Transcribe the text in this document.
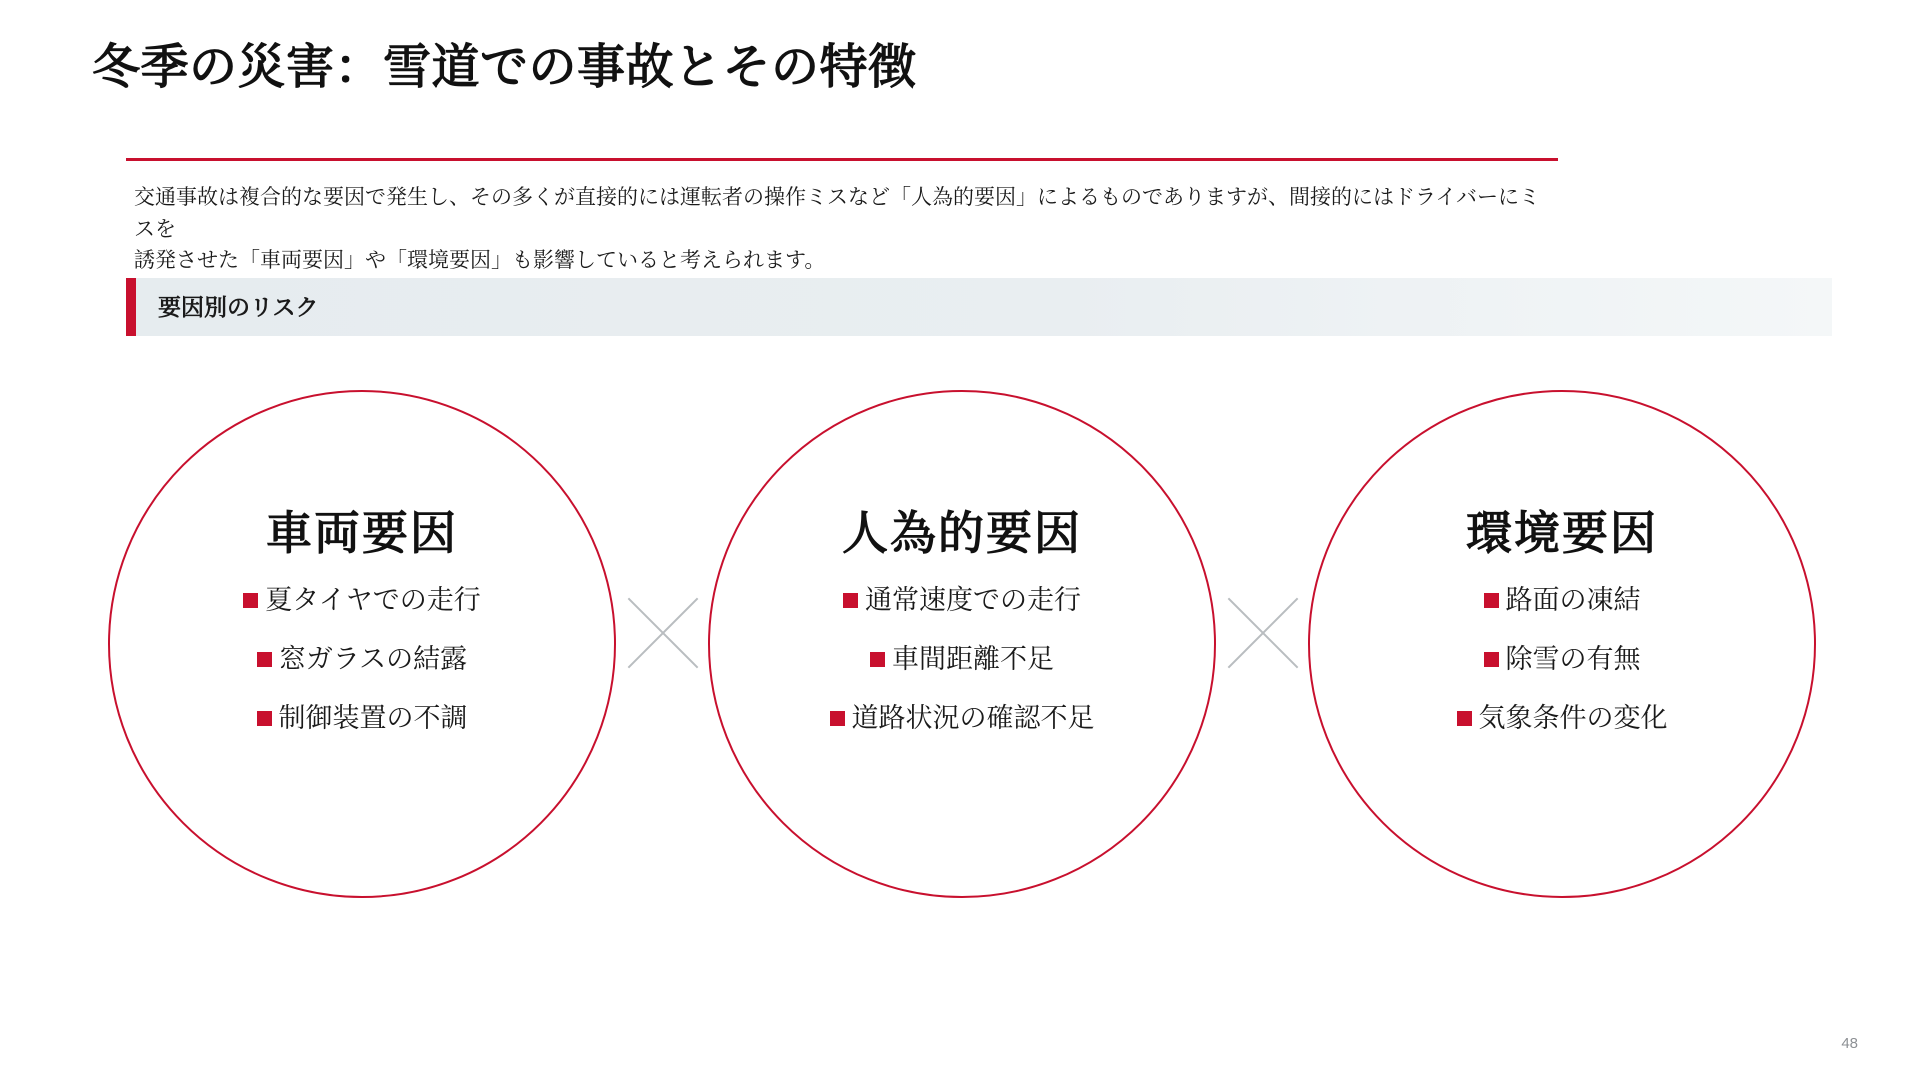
冬季の災害：雪道での事故とその特徴
交通事故は複合的な要因で発生し、その多くが直接的には運転者の操作ミスなど「人為的要因」によるものでありますが、間接的にはドライバーにミスを
誘発させた「車両要因」や「環境要因」も影響していると考えられます。
要因別のリスク
車両要因
夏タイヤでの走行
窓ガラスの結露
制御装置の不調
人為的要因
通常速度での走行
車間距離不足
道路状況の確認不足
環境要因
路面の凍結
除雪の有無
気象条件の変化
48
